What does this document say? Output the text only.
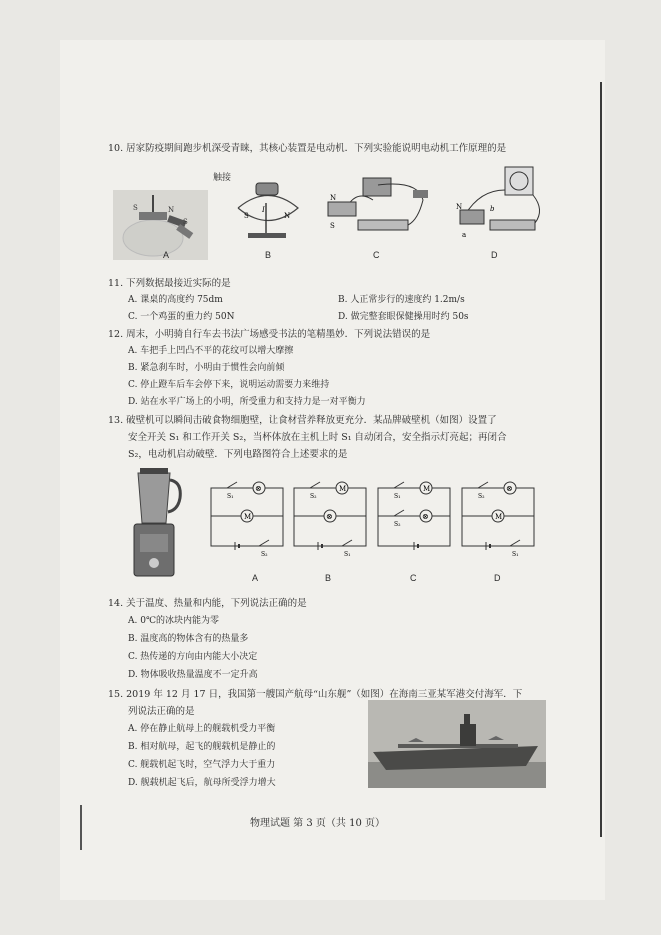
10. 居家防疫期间跑步机深受青睐，其核心装置是电动机．下列实验能说明电动机工作原理的是
触接
S	N
S
A
S	N
I
B
N
S
C
N	b
a
D
11. 下列数据最接近实际的是
A. 课桌的高度约 75dm	B. 人正常步行的速度约 1.2m/s
C. 一个鸡蛋的重力约 50N	D. 做完整套眼保健操用时约 50s
12. 周末，小明骑自行车去书法广场感受书法的笔精墨妙．下列说法错误的是
A. 车把手上凹凸不平的花纹可以增大摩擦
B. 紧急刹车时，小明由于惯性会向前倾
C. 停止蹬车后车会停下来，说明运动需要力来维持
D. 站在水平广场上的小明，所受重力和支持力是一对平衡力
13. 破壁机可以瞬间击破食物细胞壁，让食材营养释放更充分．某品牌破壁机（如图）设置了
安全开关 S₁ 和工作开关 S₂，当杯体放在主机上时 S₁ 自动闭合，安全指示灯亮起；再闭合
S₂，电动机启动破壁．下列电路图符合上述要求的是
⊗
M
S₁
S₂
A
M
⊗
S₂
S₁
B
M
⊗
S₁
S₂
C
⊗
M
S₂
S₁
D
14. 关于温度、热量和内能，下列说法正确的是
A. 0℃的冰块内能为零
B. 温度高的物体含有的热量多
C. 热传递的方向由内能大小决定
D. 物体吸收热量温度不一定升高
15. 2019 年 12 月 17 日，我国第一艘国产航母“山东舰”（如图）在海南三亚某军港交付海军．下
列说法正确的是
A. 停在静止航母上的舰载机受力平衡
B. 相对航母，起飞的舰载机是静止的
C. 舰载机起飞时，空气浮力大于重力
D. 舰载机起飞后，航母所受浮力增大
物理试题 第 3 页（共 10 页）
